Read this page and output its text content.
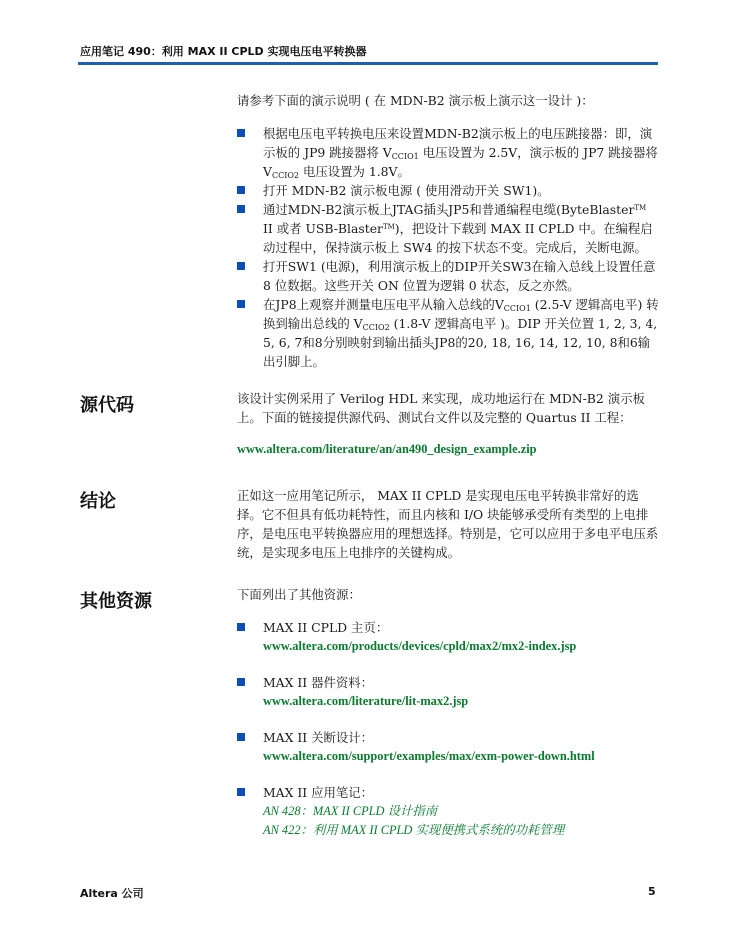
应用笔记 490：利用 MAX II CPLD 实现电压电平转换器
请参考下面的演示说明 ( 在 MDN-B2 演示板上演示这一设计 )：
根据电压电平转换电压来设置MDN-B2演示板上的电压跳接器：即，演示板的 JP9 跳接器将 $V_{CCIO1}$ 电压设置为 2.5V，演示板的 JP7 跳接器将 $V_{CCIO2}$ 电压设置为 1.8V。
打开 MDN-B2 演示板电源 ( 使用滑动开关 SW1)。
通过MDN-B2演示板上JTAG插头JP5和普通编程电缆(ByteBlaster™ II 或者 USB-Blaster™)，把设计下载到 MAX II CPLD 中。在编程启动过程中，保持演示板上 SW4 的按下状态不变。完成后，关断电源。
打开SW1 (电源)，利用演示板上的DIP开关SW3在输入总线上设置任意 8 位数据。这些开关 ON 位置为逻辑 0 状态，反之亦然。
在JP8上观察并测量电压电平从输入总线的$V_{CCIO1}$ (2.5-V 逻辑高电平) 转换到输出总线的 $V_{CCIO2}$ (1.8-V 逻辑高电平 )。DIP 开关位置 1, 2, 3, 4, 5, 6, 7和8分别映射到输出插头JP8的20, 18, 16, 14, 12, 10, 8和6输出引脚上。
源代码	该设计实例采用了 Verilog HDL 来实现，成功地运行在 MDN-B2 演示板上。下面的链接提供源代码、测试台文件以及完整的 Quartus II 工程：
www.altera.com/literature/an/an490_design_example.zip
结论	正如这一应用笔记所示， MAX II CPLD 是实现电压电平转换非常好的选择。它不但具有低功耗特性，而且内核和 I/O 块能够承受所有类型的上电排序，是电压电平转换器应用的理想选择。特别是，它可以应用于多电平电压系统，是实现多电压上电排序的关键构成。
其他资源	下面列出了其他资源：
MAX II CPLD 主页：
www.altera.com/products/devices/cpld/max2/mx2-index.jsp
MAX II 器件资料：
www.altera.com/literature/lit-max2.jsp
MAX II 关断设计：
www.altera.com/support/examples/max/exm-power-down.html
MAX II 应用笔记：
AN 428：MAX II CPLD 设计指南
AN 422：利用 MAX II CPLD 实现便携式系统的功耗管理
Altera 公司	5
